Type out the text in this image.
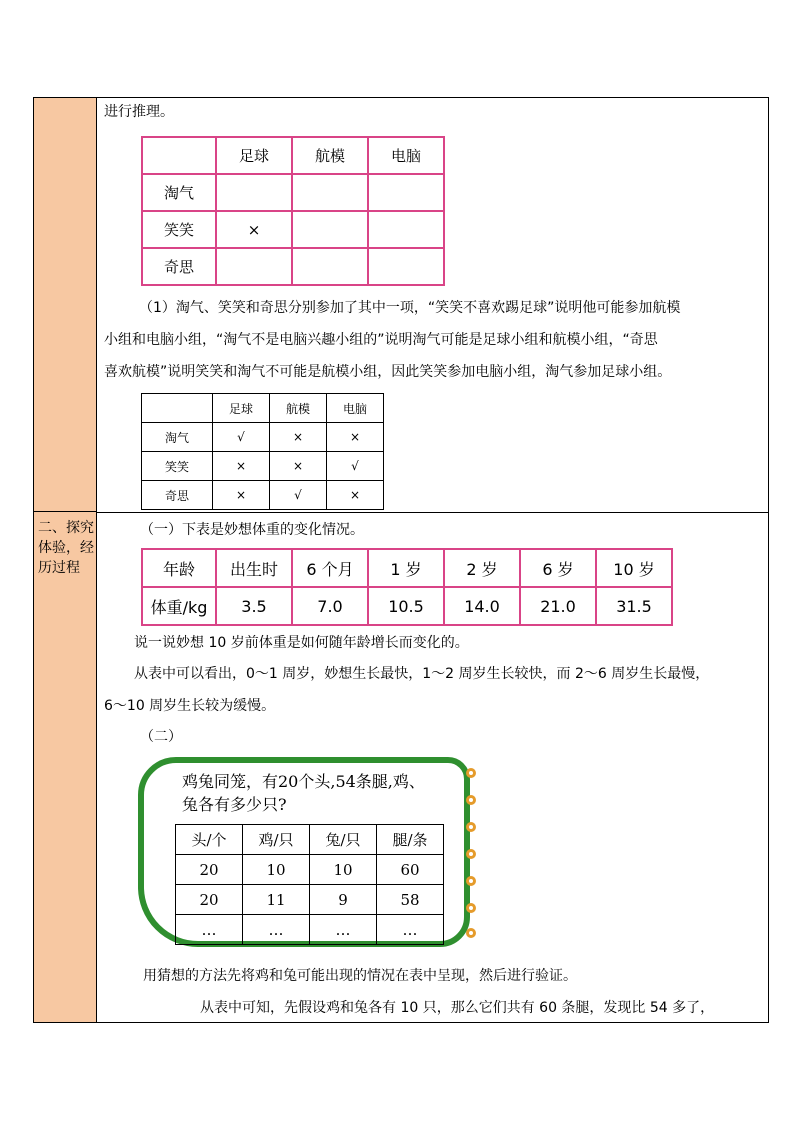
二、探究体验，经历过程
进行推理。
	足球	航模	电脑
淘气			
笑笑	×		
奇思			
（1）淘气、笑笑和奇思分别参加了其中一项，“笑笑不喜欢踢足球”说明他可能参加航模
小组和电脑小组，“淘气不是电脑兴趣小组的”说明淘气可能是足球小组和航模小组，“奇思
喜欢航模”说明笑笑和淘气不可能是航模小组，因此笑笑参加电脑小组，淘气参加足球小组。
	足球	航模	电脑
淘气	√	×	×
笑笑	×	×	√
奇思	×	√	×
（一）下表是妙想体重的变化情况。
年龄	出生时	6 个月	1 岁	2 岁	6 岁	10 岁
体重/kg	3.5	7.0	10.5	14.0	21.0	31.5
说一说妙想 10 岁前体重是如何随年龄增长而变化的。
从表中可以看出，0～1 周岁，妙想生长最快，1～2 周岁生长较快，而 2～6 周岁生长最慢，
6～10 周岁生长较为缓慢。
（二）
鸡兔同笼，有20个头,54条腿,鸡、
兔各有多少只?
头/个	鸡/只	兔/只	腿/条
20	10	10	60
20	11	9	58
…	…	…	…
用猜想的方法先将鸡和兔可能出现的情况在表中呈现，然后进行验证。
从表中可知，先假设鸡和兔各有 10 只，那么它们共有 60 条腿，发现比 54 多了，
